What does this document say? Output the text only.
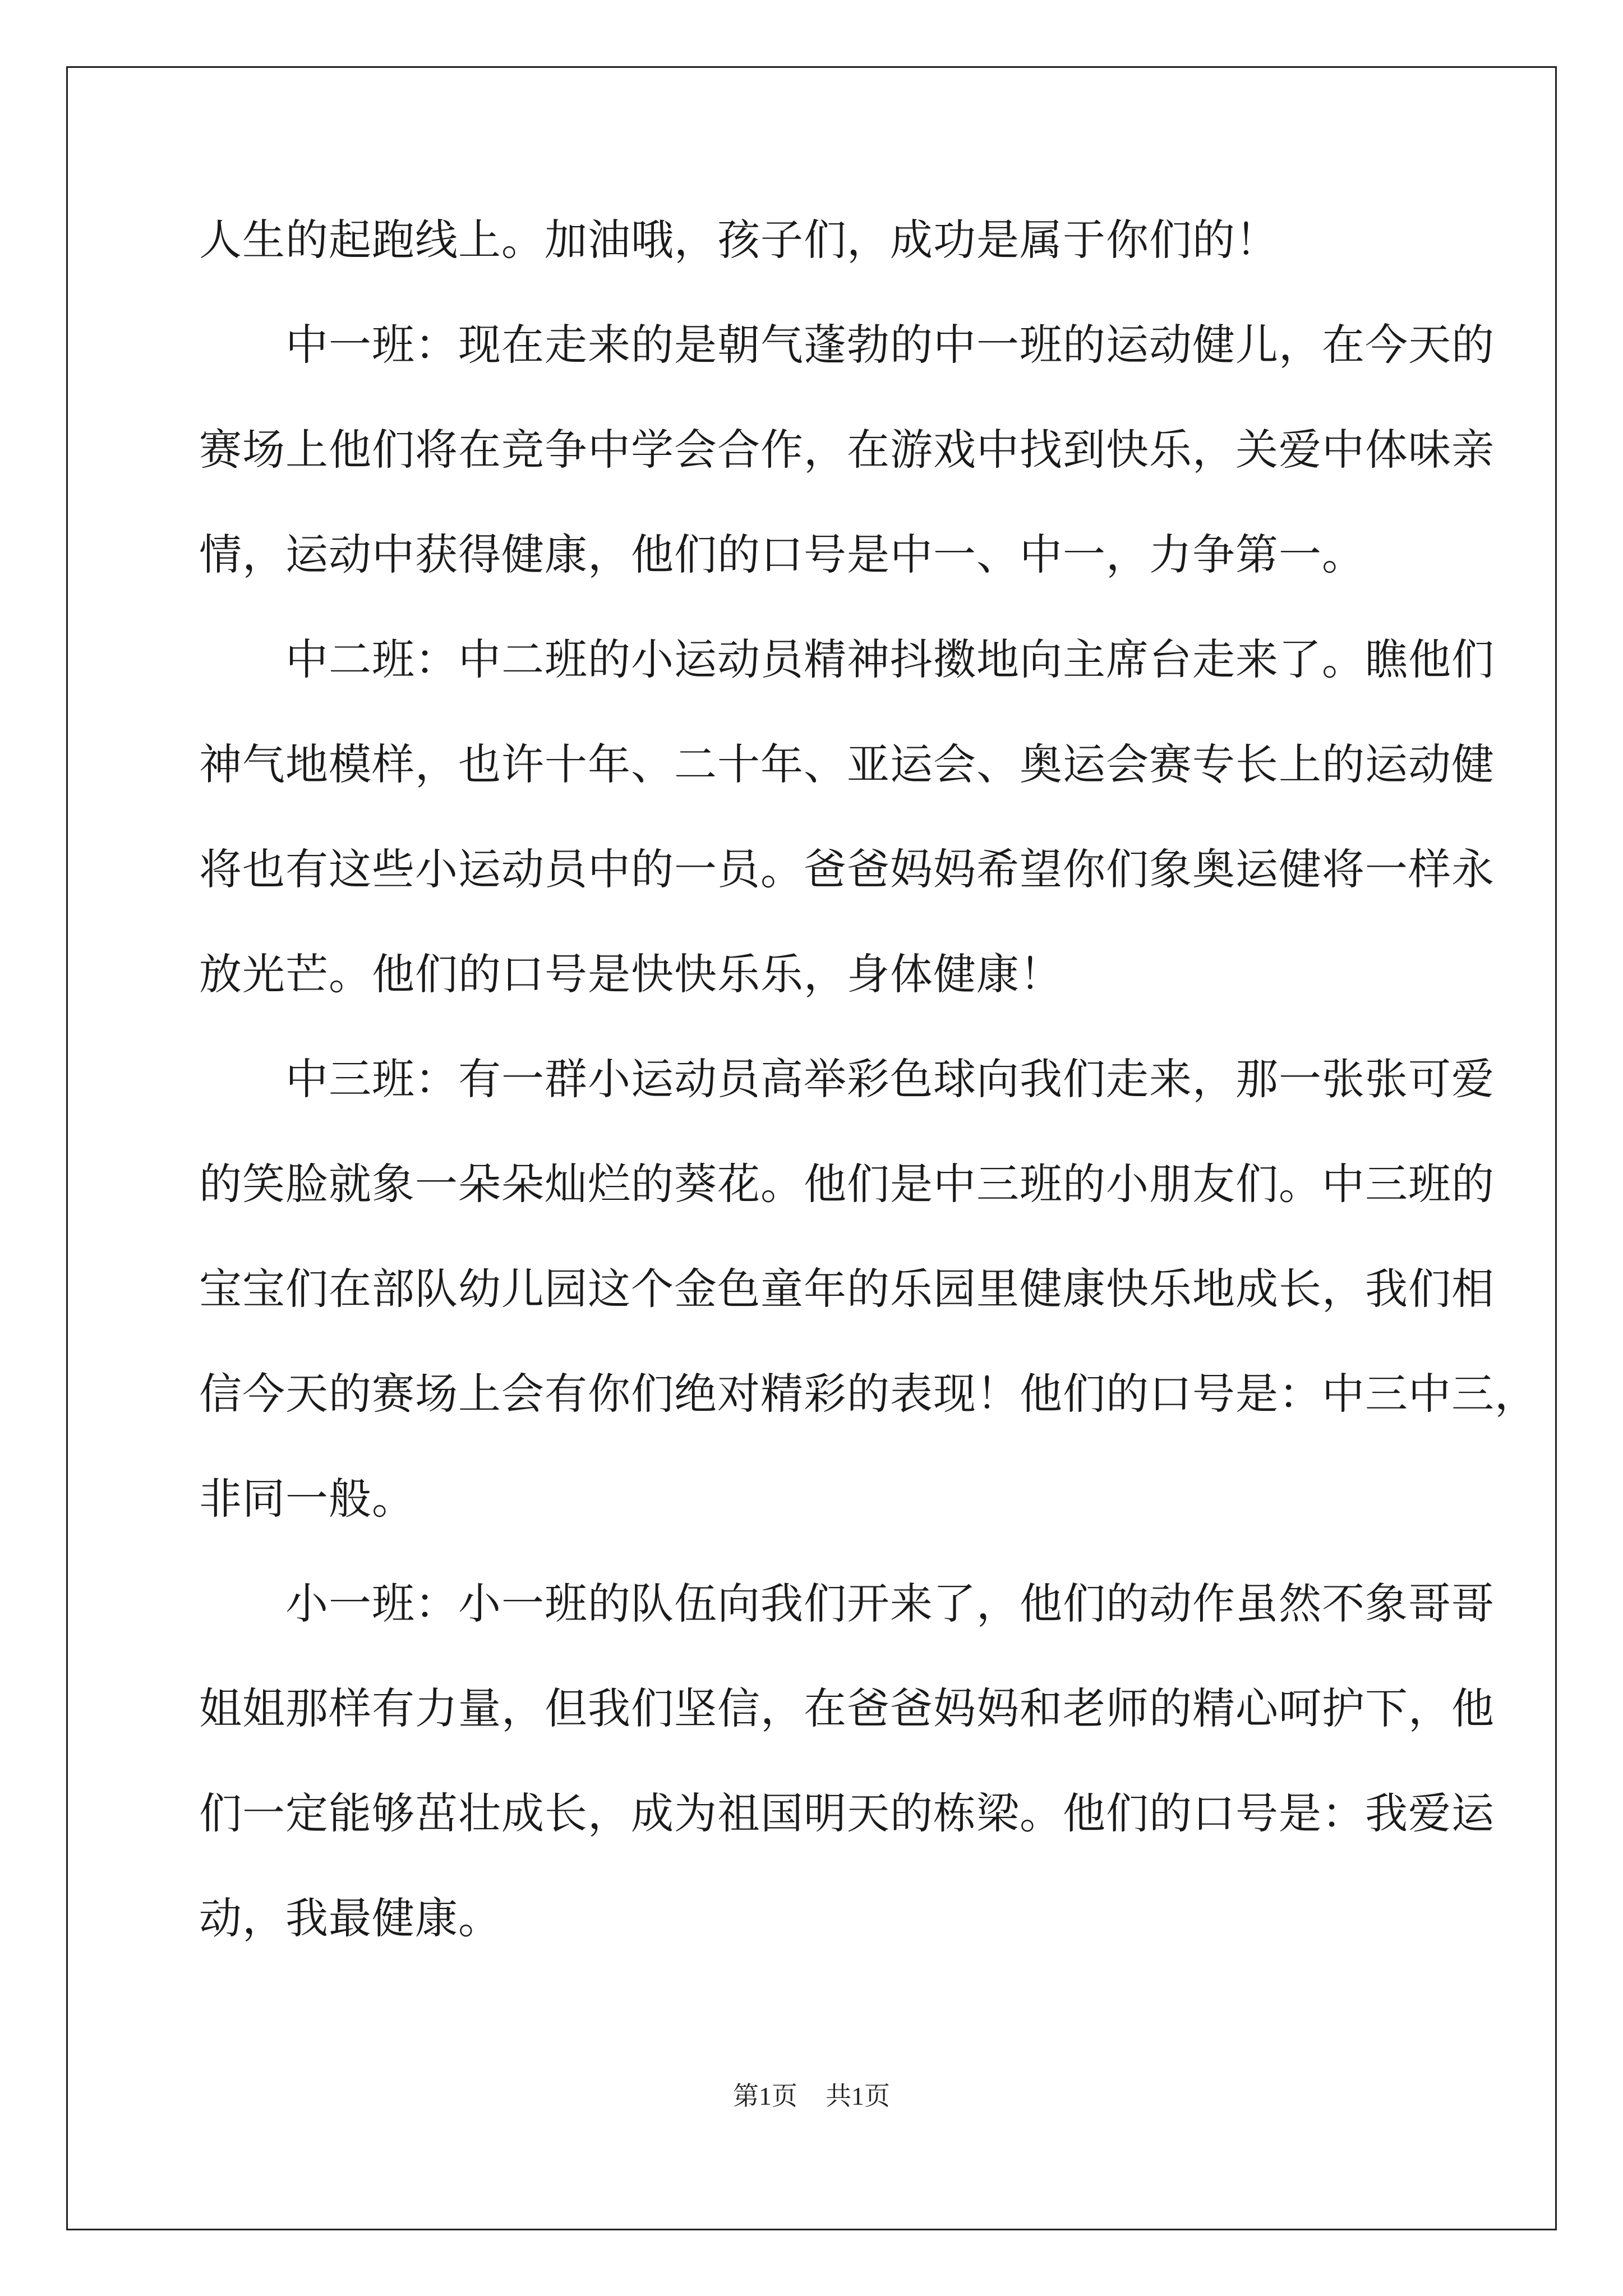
人生的起跑线上。加油哦，孩子们，成功是属于你们的！
　　中一班：现在走来的是朝气蓬勃的中一班的运动健儿，在今天的
赛场上他们将在竞争中学会合作，在游戏中找到快乐，关爱中体味亲
情，运动中获得健康，他们的口号是中一、中一，力争第一。
　　中二班：中二班的小运动员精神抖擞地向主席台走来了。瞧他们
神气地模样，也许十年、二十年、亚运会、奥运会赛专长上的运动健
将也有这些小运动员中的一员。爸爸妈妈希望你们象奥运健将一样永
放光芒。他们的口号是快快乐乐，身体健康！
　　中三班：有一群小运动员高举彩色球向我们走来，那一张张可爱
的笑脸就象一朵朵灿烂的葵花。他们是中三班的小朋友们。中三班的
宝宝们在部队幼儿园这个金色童年的乐园里健康快乐地成长，我们相
信今天的赛场上会有你们绝对精彩的表现！他们的口号是：中三中三，
非同一般。
　　小一班：小一班的队伍向我们开来了，他们的动作虽然不象哥哥
姐姐那样有力量，但我们坚信，在爸爸妈妈和老师的精心呵护下，他
们一定能够茁壮成长，成为祖国明天的栋梁。他们的口号是：我爱运
动，我最健康。
第1页 共1页
